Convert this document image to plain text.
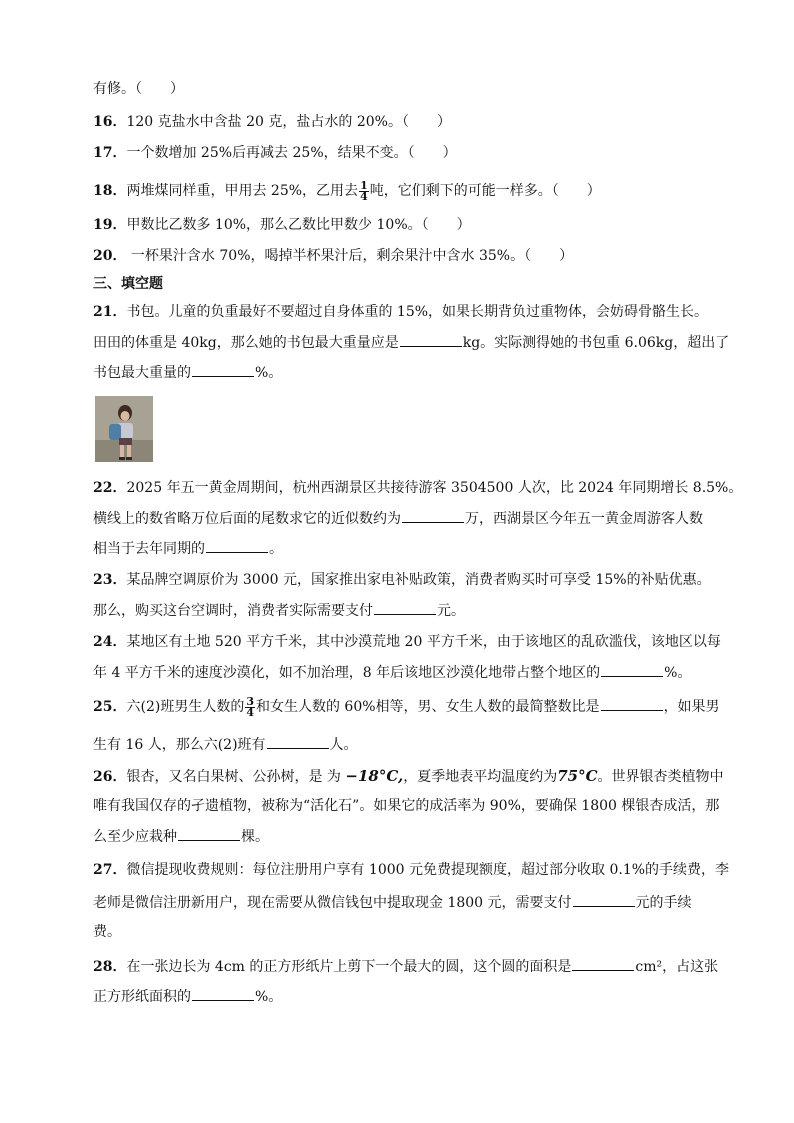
有修。（　　）
16．120 克盐水中含盐 20 克，盐占水的 20%。（　　）
17．一个数增加 25%后再减去 25%，结果不变。（　　）
18．两堆煤同样重，甲用去 25%，乙用去 $\frac{1}{4}$ 吨，它们剩下的可能一样多。（　　）
19．甲数比乙数多 10%，那么乙数比甲数少 10%。（　　）
20． 一杯果汁含水 70%，喝掉半杯果汁后，剩余果汁中含水 35%。（　　）
三、填空题
21．书包。儿童的负重最好不要超过自身体重的 15%，如果长期背负过重物体，会妨碍骨骼生长。
田田的体重是 40kg，那么她的书包最大重量应是	kg。实际测得她的书包重 6.06kg，超出了
书包最大重量的	%。
22．2025 年五一黄金周期间，杭州西湖景区共接待游客 3504500 人次，比 2024 年同期增长 8.5%。
横线上的数省略万位后面的尾数求它的近似数约为	万，西湖景区今年五一黄金周游客人数
相当于去年同期的	。
23．某品牌空调原价为 3000 元，国家推出家电补贴政策，消费者购买时可享受 15%的补贴优惠。
那么，购买这台空调时，消费者实际需要支付	元。
24．某地区有土地 520 平方千米，其中沙漠荒地 20 平方千米，由于该地区的乱砍滥伐，该地区以每
年 4 平方千米的速度沙漠化，如不加治理，8 年后该地区沙漠化地带占整个地区的	%。
25．六(2)班男生人数的 $\frac{3}{4}$ 和女生人数的 60%相等，男、女生人数的最简整数比是	，如果男
生有 16 人，那么六(2)班有	人。
26．银杏，又名白果树、公孙树，是 为 −18°C,，夏季地表平均温度约为75°C。世界银杏类植物中
唯有我国仅存的孑遗植物，被称为“活化石”。如果它的成活率为 90%，要确保 1800 棵银杏成活，那
么至少应栽种	棵。
27．微信提现收费规则：每位注册用户享有 1000 元免费提现额度，超过部分收取 0.1%的手续费，李
老师是微信注册新用户，现在需要从微信钱包中提取现金 1800 元，需要支付	元的手续
费。
28．在一张边长为 4cm 的正方形纸片上剪下一个最大的圆，这个圆的面积是	cm²，占这张
正方形纸面积的	%。
